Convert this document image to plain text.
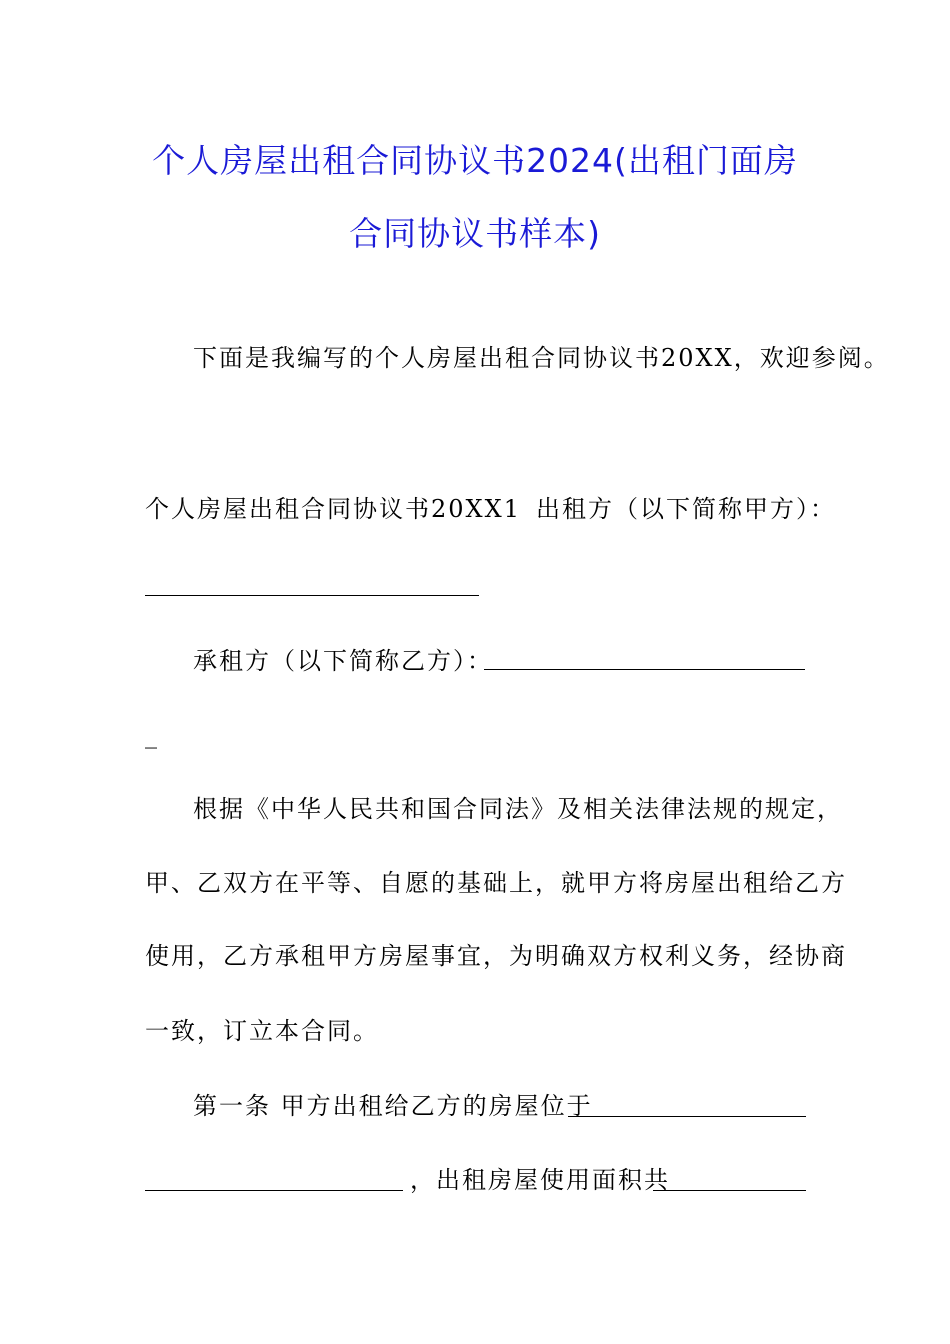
个人房屋出租合同协议书2024(出租门面房
合同协议书样本)

下面是我编写的个人房屋出租合同协议书20XX，欢迎参阅。

个人房屋出租合同协议书20XX1 出租方（以下简称甲方）：

承租方（以下简称乙方）：

_

根据《中华人民共和国合同法》及相关法律法规的规定，

甲、乙双方在平等、自愿的基础上，就甲方将房屋出租给乙方

使用，乙方承租甲方房屋事宜，为明确双方权利义务，经协商

一致，订立本合同。

第一条 甲方出租给乙方的房屋位于

，出租房屋使用面积共
